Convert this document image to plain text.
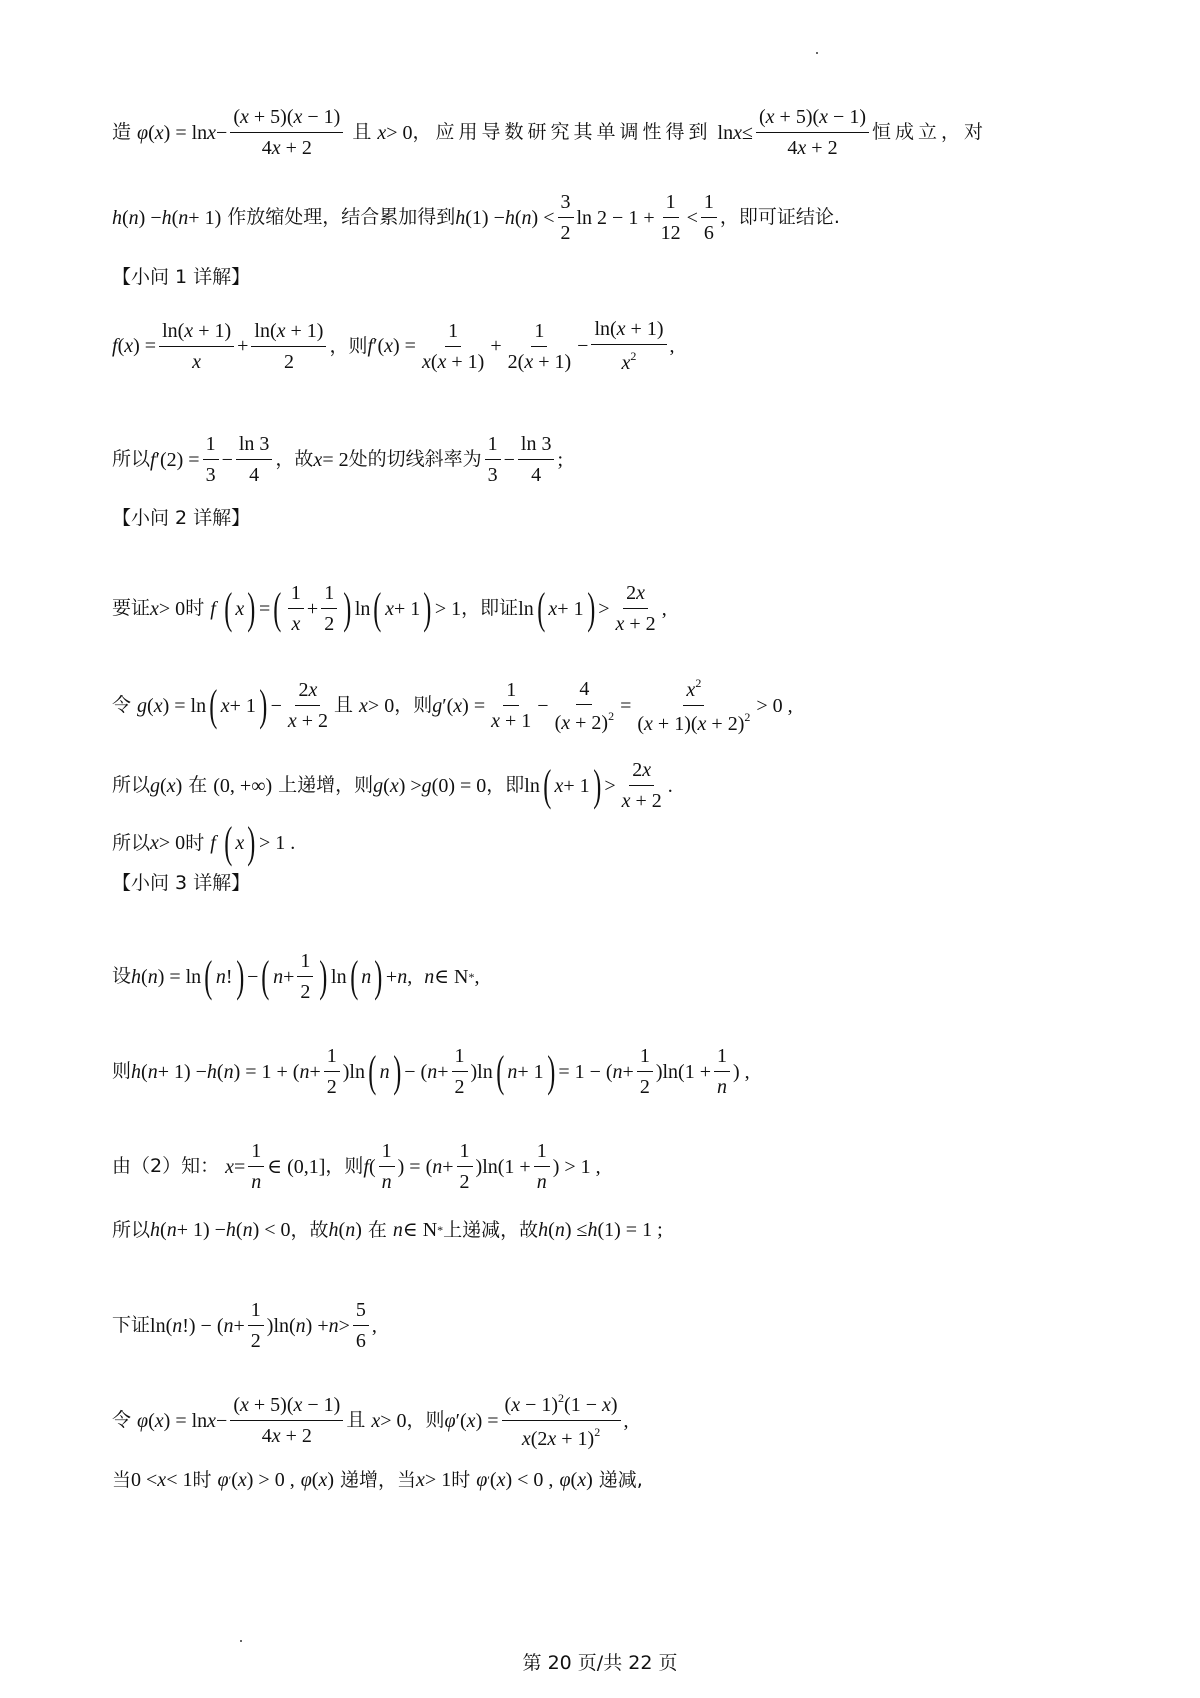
造 φ ( x ) = $\ln x - \frac{(x + 5)(x - 1)}{4x + 2}$ 且 x > 0 ，应用导数研究其单调性得到 $\ln x \le \frac{(x + 5)(x - 1)}{4x + 2}$ 恒成立，对
h ( n ) − h ( n + 1) 作放缩处理，结合累加得到 h (1) − h ( n ) < $\frac{3}{2}$ $\ln 2 - 1 + \frac{1}{12} < \frac{1}{6}$ ，即可证结论.
【小问 1 详解】
f ( x ) = $\frac{\ln(x + 1)}{x} + \frac{\ln(x + 1)}{2}$ ，则 f ′( x ) = $\frac{1}{x(x + 1)} + \frac{1}{2(x + 1)} - \frac{\ln(x + 1)}{x^2}$ ,
所以 f $'(2) = \frac{1}{3} - \frac{\ln 3}{4}$ ，故 x = 2 处的切线斜率为 $\frac{1}{3} - \frac{\ln 3}{4}$ ;
【小问 2 详解】
要证 x > 0 时 f
( x ) = ( $\frac{1}{x} + \frac{1}{2}$ ) ln ( x + 1 ) > 1 ，即证 ln ( x + 1 ) > $\frac{2x}{x + 2}$ ,
令 g ( x ) = ln ( x + 1 ) − $\frac{2x}{x + 2}$ 且 x > 0 ，则 g ′( x ) = $\frac{1}{x + 1} - \frac{4}{(x + 2)^2} = \frac{x^2}{(x + 1)(x + 2)^2} > 0$ ,
所以 g ( x ) 在 (0, +∞) 上递增，则 g ( x ) > g (0) = 0 ，即 ln ( x + 1 ) > $\frac{2x}{x + 2}$ .
所以 x > 0 时 f
( x ) > 1 .
【小问 3 详解】
设 h ( n ) = ln ( n ! ) − ( $n + \frac{1}{2}$ ) ln ( n ) + n , n ∈ N * ,
则 h ( n + 1) − h ( n ) = 1 + ( $n + \frac{1}{2} )\ln$ ( n ) − ( $n + \frac{1}{2} )\ln$ ( n + 1 ) = 1 − ( $n + \frac{1}{2} )\ln(1 + \frac{1}{n}$ ) ,
由（2）知： $x = \frac{1}{n}$ ∈ (0,1] ，则 f ( $\frac{1}{n}$ ) = ( $n + \frac{1}{2} )\ln(1 + \frac{1}{n}$ ) > 1 ,
所以 h ( n + 1) − h ( n ) < 0 ，故 h ( n ) 在 n ∈ N * 上递减，故 h ( n ) ≤ h (1) = 1 ;
下证 ln( n !) − ( $n + \frac{1}{2} )\ln$( n ) + $n > \frac{5}{6}$ ,
令 φ ( x ) = $\ln x - \frac{(x + 5)(x - 1)}{4x + 2}$ 且 x > 0 ，则 φ ′( x ) = $\frac{(x - 1)^2(1 - x)}{x(2x + 1)^2}$ ,
当 0 < x < 1 时 φ ′ ( x ) > 0 , φ ( x ) 递增，当 x > 1 时 φ ′ ( x ) < 0 , φ ( x ) 递减,
第 20 页/共 22 页
